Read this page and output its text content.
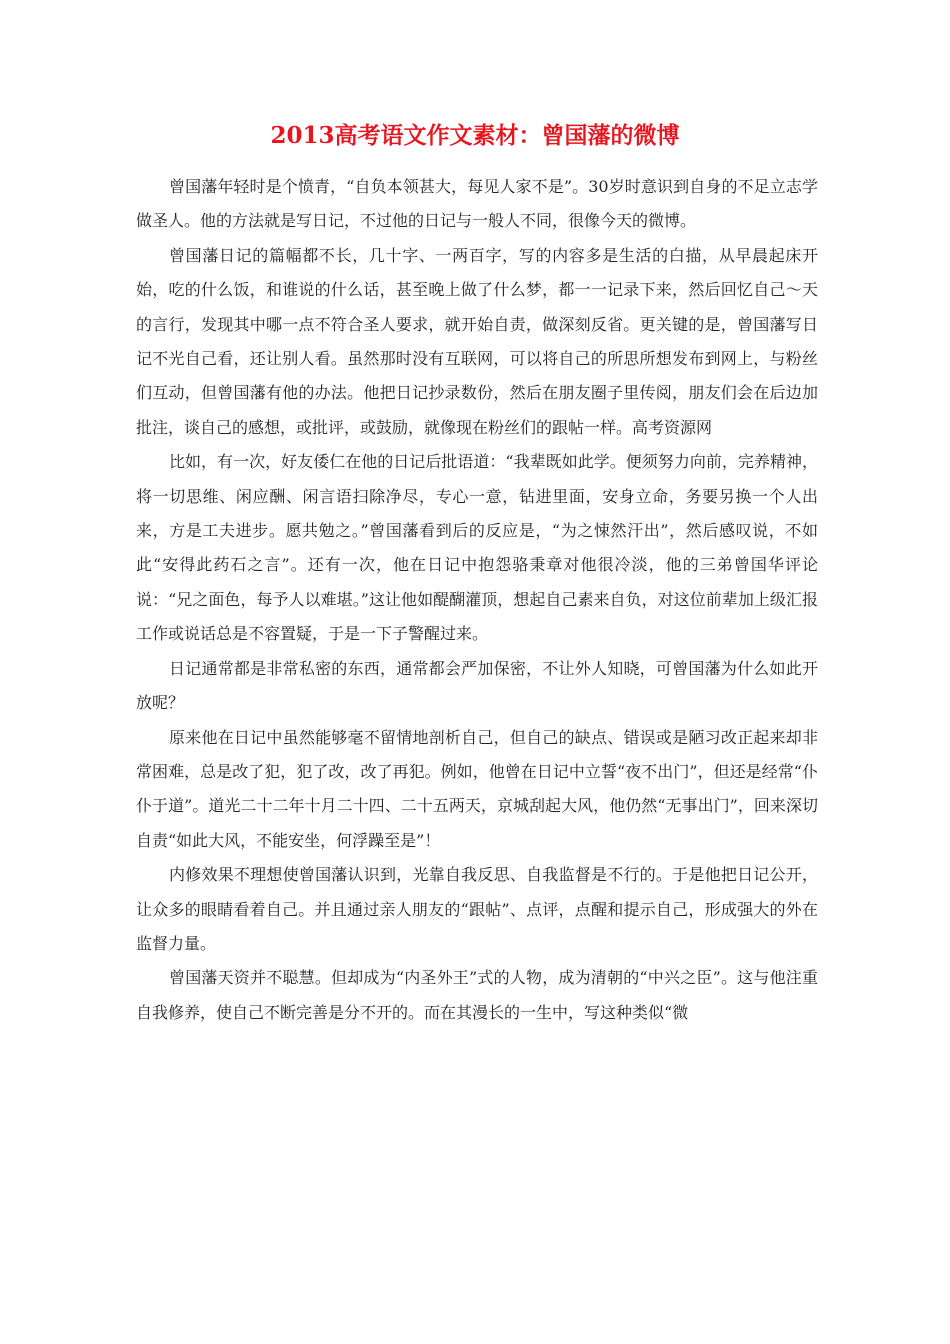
2013高考语文作文素材：曾国藩的微博

曾国藩年轻时是个愤青，“自负本领甚大，每见人家不是”。30岁时意识到自身的不足立志学做圣人。他的方法就是写日记，不过他的日记与一般人不同，很像今天的微博。

曾国藩日记的篇幅都不长，几十字、一两百字，写的内容多是生活的白描，从早晨起床开始，吃的什么饭，和谁说的什么话，甚至晚上做了什么梦，都一一记录下来，然后回忆自己～天的言行，发现其中哪一点不符合圣人要求，就开始自责，做深刻反省。更关键的是，曾国藩写日记不光自己看，还让别人看。虽然那时没有互联网，可以将自己的所思所想发布到网上，与粉丝们互动，但曾国藩有他的办法。他把日记抄录数份，然后在朋友圈子里传阅，朋友们会在后边加批注，谈自己的感想，或批评，或鼓励，就像现在粉丝们的跟帖一样。高考资源网

比如，有一次，好友倭仁在他的日记后批语道：“我辈既如此学。便须努力向前，完养精神，将一切思维、闲应酬、闲言语扫除净尽，专心一意，钻进里面，安身立命，务要另换一个人出来，方是工夫进步。愿共勉之。”曾国藩看到后的反应是，“为之悚然汗出”，然后感叹说，不如此“安得此药石之言”。还有一次，他在日记中抱怨骆秉章对他很冷淡，他的三弟曾国华评论说：“兄之面色，每予人以难堪。”这让他如醍醐灌顶，想起自己素来自负，对这位前辈加上级汇报工作或说话总是不容置疑，于是一下子警醒过来。

日记通常都是非常私密的东西，通常都会严加保密，不让外人知晓，可曾国藩为什么如此开放呢？

原来他在日记中虽然能够毫不留情地剖析自己，但自己的缺点、错误或是陋习改正起来却非常困难，总是改了犯，犯了改，改了再犯。例如，他曾在日记中立誓“夜不出门”，但还是经常“仆仆于道”。道光二十二年十月二十四、二十五两天，京城刮起大风，他仍然“无事出门”，回来深切自责“如此大风，不能安坐，何浮躁至是”！

内修效果不理想使曾国藩认识到，光靠自我反思、自我监督是不行的。于是他把日记公开，让众多的眼睛看着自己。并且通过亲人朋友的“跟帖”、点评，点醒和提示自己，形成强大的外在监督力量。

曾国藩天资并不聪慧。但却成为“内圣外王”式的人物，成为清朝的“中兴之臣”。这与他注重自我修养，使自己不断完善是分不开的。而在其漫长的一生中，写这种类似“微
